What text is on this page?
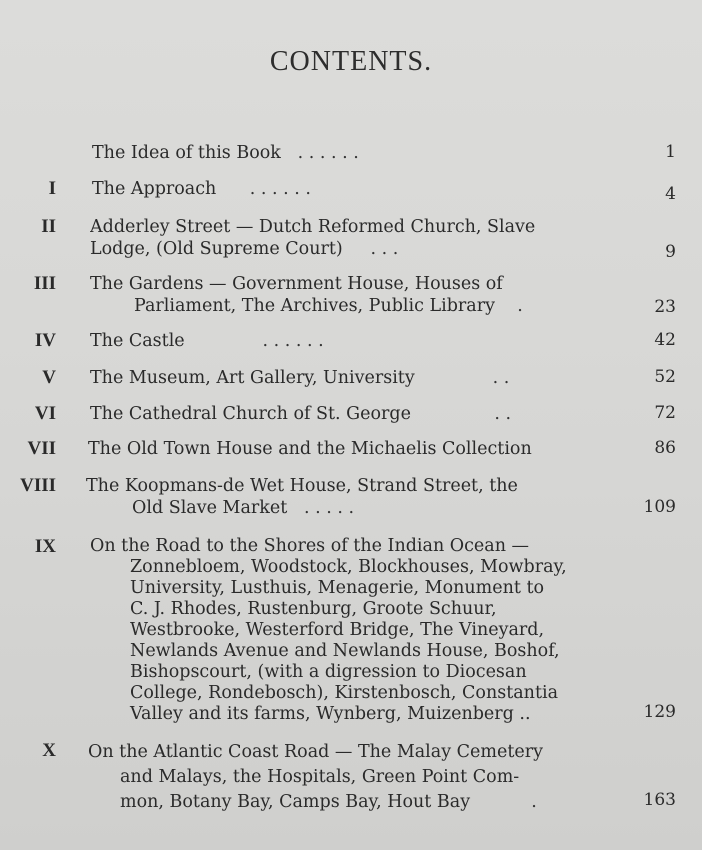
CONTENTS.
The Idea of this Book . . . . . .	1
I The Approach . . . . . .	4
II Adderley Street — Dutch Reformed Church, Slave
Lodge, (Old Supreme Court) . . .	9
III The Gardens — Government House, Houses of
Parliament, The Archives, Public Library .	23
IV The Castle	. . . . . .	42
V The Museum, Art Gallery, University	. .	52
VI The Cathedral Church of St. George	. .	72
VII The Old Town House and the Michaelis Collection	86
VIII The Koopmans-de Wet House, Strand Street, the
Old Slave Market . . . . .	109
IX On the Road to the Shores of the Indian Ocean —
Zonnebloem, Woodstock, Blockhouses, Mowbray,
University, Lusthuis, Menagerie, Monument to
C. J. Rhodes, Rustenburg, Groote Schuur,
Westbrooke, Westerford Bridge, The Vineyard,
Newlands Avenue and Newlands House, Boshof,
Bishopscourt, (with a digression to Diocesan
College, Rondebosch), Kirstenbosch, Constantia
Valley and its farms, Wynberg, Muizenberg ..	129
X On the Atlantic Coast Road — The Malay Cemetery
and Malays, the Hospitals, Green Point Com-
mon, Botany Bay, Camps Bay, Hout Bay	.	163
